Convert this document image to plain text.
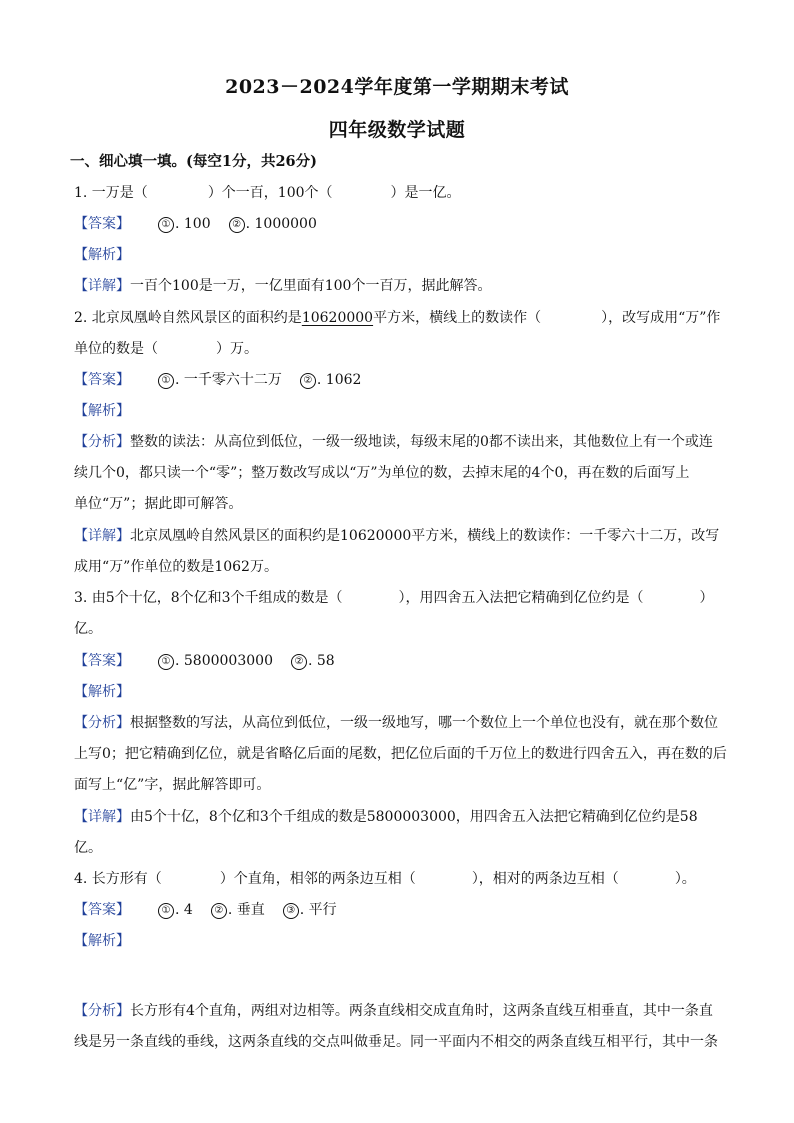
2023－2024学年度第一学期期末考试
四年级数学试题
一、细心填一填。(每空1分，共26分)
1. 一万是（	）个一百，100个（	）是一亿。
【答案】	① . 100 ② . 1000000
【解析】
【详解】一百个100是一万，一亿里面有100个一百万，据此解答。
2. 北京凤凰岭自然风景区的面积约是10620000平方米，横线上的数读作（	），改写成用“万”作
单位的数是（	）万。
【答案】	① . 一千零六十二万 ② . 1062
【解析】
【分析】整数的读法：从高位到低位，一级一级地读，每级末尾的0都不读出来，其他数位上有一个或连
续几个0，都只读一个“零”；整万数改写成以“万”为单位的数，去掉末尾的4个0，再在数的后面写上
单位“万”；据此即可解答。
【详解】北京凤凰岭自然风景区的面积约是10620000平方米，横线上的数读作：一千零六十二万，改写
成用“万”作单位的数是1062万。
3. 由5个十亿，8个亿和3个千组成的数是（	），用四舍五入法把它精确到亿位约是（	）
亿。
【答案】	① . 5800003000 ② . 58
【解析】
【分析】根据整数的写法，从高位到低位，一级一级地写，哪一个数位上一个单位也没有，就在那个数位
上写0；把它精确到亿位，就是省略亿后面的尾数，把亿位后面的千万位上的数进行四舍五入，再在数的后
面写上“亿”字，据此解答即可。
【详解】由5个十亿，8个亿和3个千组成的数是5800003000，用四舍五入法把它精确到亿位约是58
亿。
4. 长方形有（	）个直角，相邻的两条边互相（	），相对的两条边互相（	）。
【答案】	① . 4 ② . 垂直 ③ . 平行
【解析】
【分析】长方形有4个直角，两组对边相等。两条直线相交成直角时，这两条直线互相垂直，其中一条直
线是另一条直线的垂线，这两条直线的交点叫做垂足。同一平面内不相交的两条直线互相平行，其中一条
